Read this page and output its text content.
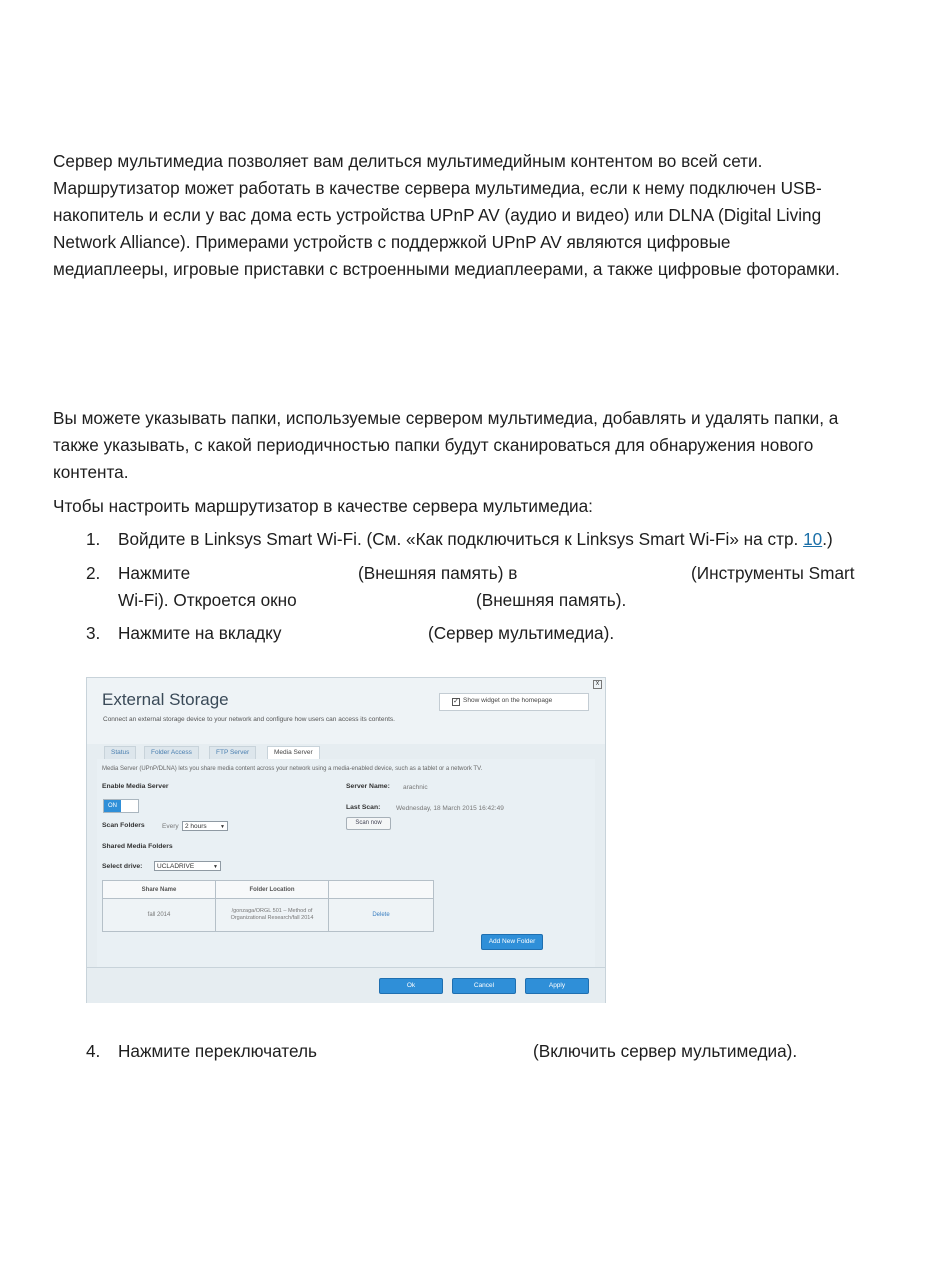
Сервер мультимедиа позволяет вам делиться мультимедийным контентом во всей сети.
Маршрутизатор может работать в качестве сервера мультимедиа, если к нему подключен USB-
накопитель и если у вас дома есть устройства UPnP AV (аудио и видео) или DLNA (Digital Living
Network Alliance). Примерами устройств с поддержкой UPnP AV являются цифровые
медиаплееры, игровые приставки с встроенными медиаплеерами, а также цифровые фоторамки.
Вы можете указывать папки, используемые сервером мультимедиа, добавлять и удалять папки, а
также указывать, с какой периодичностью папки будут сканироваться для обнаружения нового
контента.
Чтобы настроить маршрутизатор в качестве сервера мультимедиа:
1. Войдите в Linksys Smart Wi-Fi. (См. «Как подключиться к Linksys Smart Wi-Fi» на стр. 10.)
2. Нажмите	(Внешняя память) в	(Инструменты Smart
Wi-Fi). Откроется окно	(Внешняя память).
3. Нажмите на вкладку	(Сервер мультимедиа).
External Storage
Connect an external storage device to your network and configure how users can access its contents.
x
✓ Show widget on the homepage
Status	Folder Access	FTP Server	Media Server
Media Server (UPnP/DLNA) lets you share media content across your network using a media-enabled device, such as a tablet or a network TV.
Enable Media Server
ON
Server Name: arachnic
Last Scan: Wednesday, 18 March 2015 16:42:49
Scan now
Scan Folders	Every 2 hours	▼
Shared Media Folders
Select drive:	UCLADRIVE	▼
Share Name	Folder Location	
fall 2014	/gonzaga/ORGL 501 – Method of Organizational Research/fall 2014	Delete
Add New Folder
Ok	Cancel	Apply
4. Нажмите переключатель	(Включить сервер мультимедиа).
